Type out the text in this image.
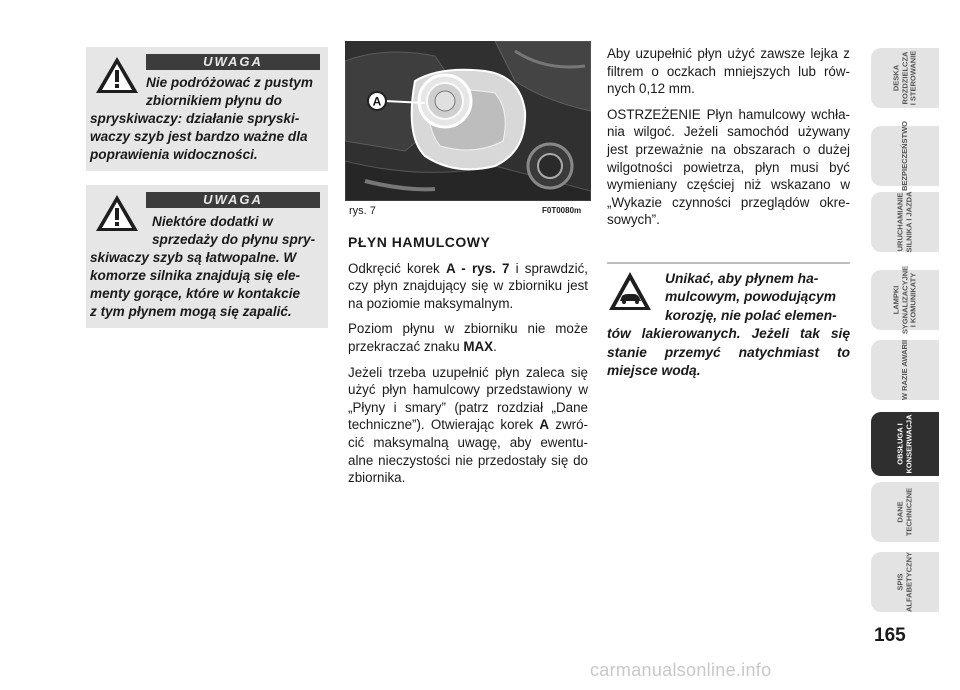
UWAGA
Nie podróżować z pustym
zbiornikiem płynu do
spryskiwaczy: działanie spryski-
waczy szyb jest bardzo ważne dla
poprawienia widoczności.
UWAGA
Niektóre dodatki w
sprzedaży do płynu spry-
skiwaczy szyb są łatwopalne. W
komorze silnika znajdują się ele-
menty gorące, które w kontakcie
z tym płynem mogą się zapalić.
A
rys. 7	F0T0080m
PŁYN HAMULCOWY

Odkręcić korek A - rys. 7 i sprawdzić, czy płyn znajdujący się w zbiorniku jest na poziomie maksymalnym.

Poziom płynu w zbiorniku nie może przekraczać znaku MAX.

Jeżeli trzeba uzupełnić płyn zaleca się użyć płyn hamulcowy przedstawiony w „Płyny i smary” (patrz rozdział „Dane techniczne”). Otwierając korek A zwró- cić maksymalną uwagę, aby ewentu- alne nieczystości nie przedostały się do zbiornika.

Aby uzupełnić płyn użyć zawsze lejka z filtrem o oczkach mniejszych lub rów- nych 0,12 mm.

OSTRZEŻENIE Płyn hamulcowy wchła- nia wilgoć. Jeżeli samochód używany jest przeważnie na obszarach o dużej wilgotności powietrza, płyn musi być wymieniany częściej niż wskazano w „Wykazie czynności przeglądów okre- sowych”.

Unikać, aby płynem ha-
mulcowym, powodującym
korozję, nie polać elemen-
tów lakierowanych. Jeżeli tak się stanie przemyć natychmiast to miejsce wodą.
DESKA
ROZDZIELCZA
I STEROWANIE
BEZPIECZEŃSTWO
URUCHAMIANIE
SILNIKA I JAZDA
LAMPKI
SYGNALIZACYJNE
I KOMUNIKATY
W RAZIE AWARII
OBSŁUGA I
KONSERWACJA
DANE
TECHNICZNE
SPIS
ALFABETYCZNY
165
carmanualsonline.info
